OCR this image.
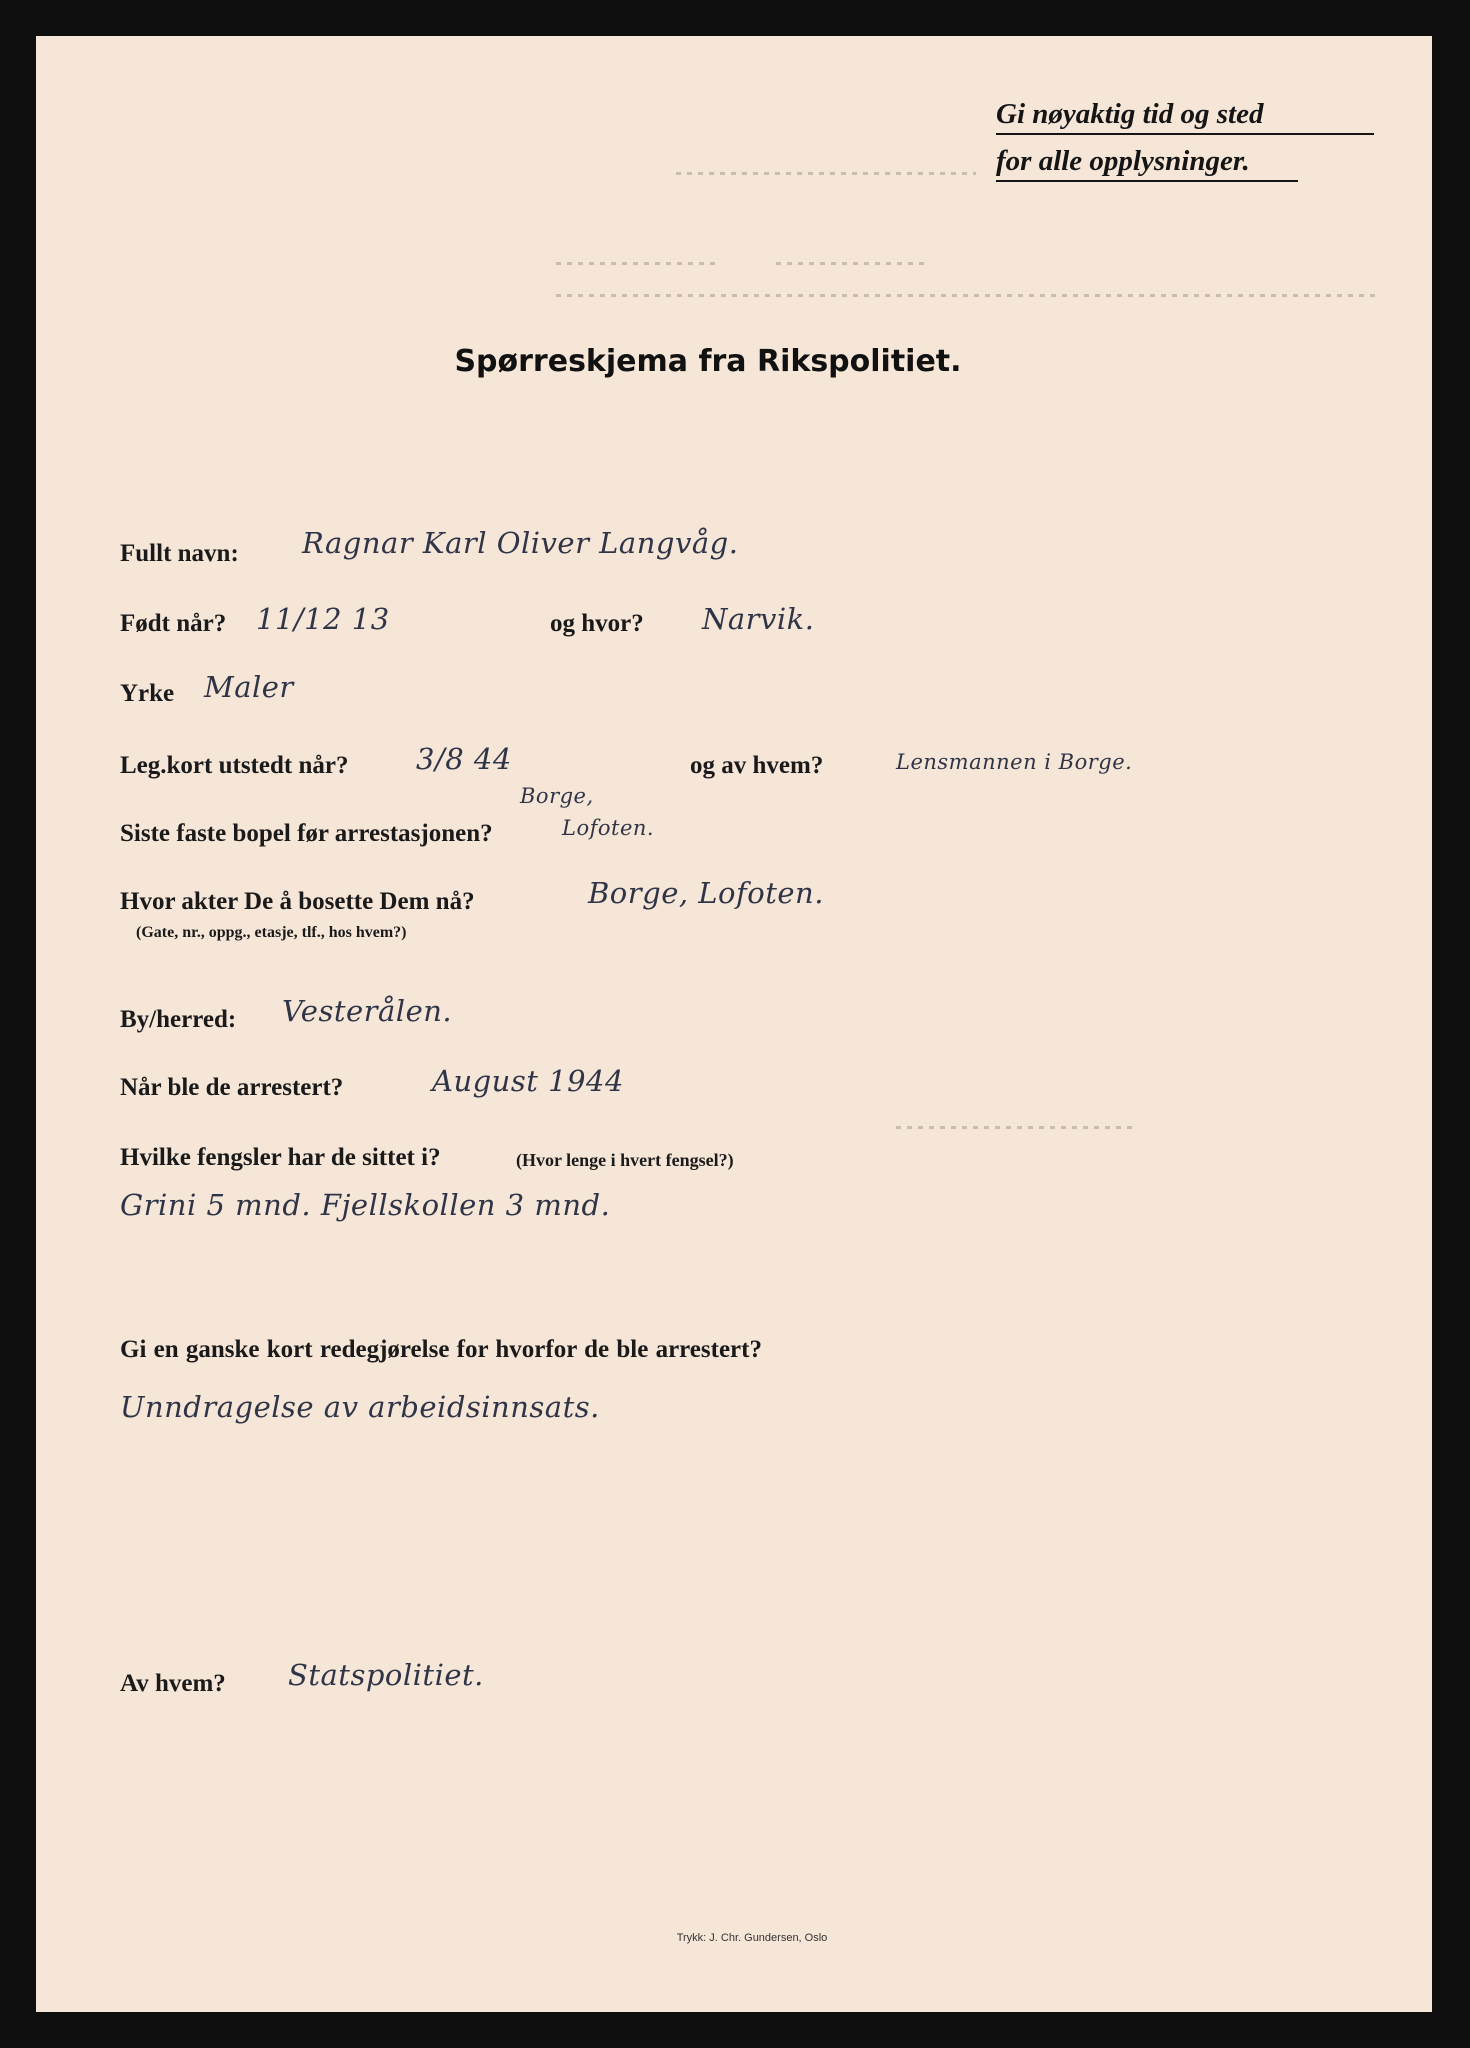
Gi nøyaktig tid og sted
for alle opplysninger.
Spørreskjema fra Rikspolitiet.
Fullt navn: Ragnar Karl Oliver Langvåg.
Født når? 11/12 13	og hvor? Narvik.
Yrke Maler
Leg.kort utstedt når? 3/8 44	og av hvem?	Lensmannen i Borge.
Siste faste bopel før arrestasjonen?
Borge,
Lofoten.
Hvor akter De å bosette Dem nå?	Borge, Lofoten.
(Gate, nr., oppg., etasje, tlf., hos hvem?)
By/herred: Vesterålen.
Når ble de arrestert?	August 1944
Hvilke fengsler har de sittet i?	(Hvor lenge i hvert fengsel?)
Grini 5 mnd. Fjellskollen 3 mnd.
Gi en ganske kort redegjørelse for hvorfor de ble arrestert?
Unndragelse av arbeidsinnsats.
Av hvem? Statspolitiet.
Trykk: J. Chr. Gundersen, Oslo
